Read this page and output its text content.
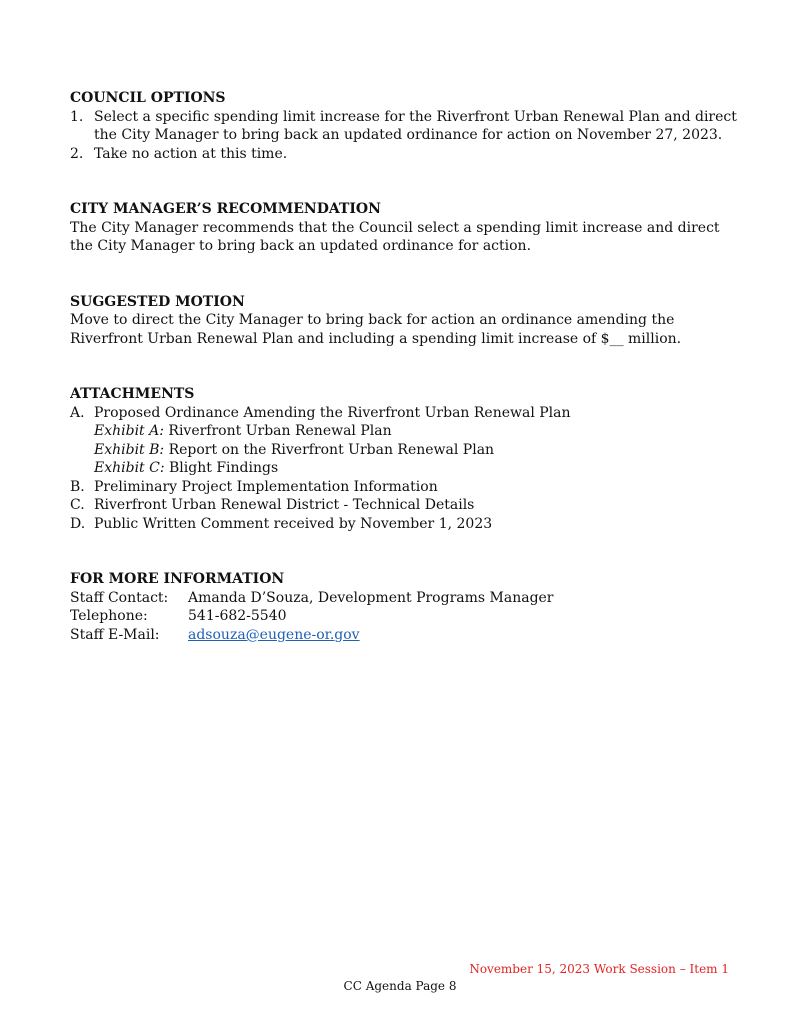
COUNCIL OPTIONS
1. Select a specific spending limit increase for the Riverfront Urban Renewal Plan and direct the City Manager to bring back an updated ordinance for action on November 27, 2023.
2. Take no action at this time.
CITY MANAGER’S RECOMMENDATION
The City Manager recommends that the Council select a spending limit increase and direct the City Manager to bring back an updated ordinance for action.
SUGGESTED MOTION
Move to direct the City Manager to bring back for action an ordinance amending the Riverfront Urban Renewal Plan and including a spending limit increase of $__ million.
ATTACHMENTS
A. Proposed Ordinance Amending the Riverfront Urban Renewal Plan
Exhibit A: Riverfront Urban Renewal Plan
Exhibit B: Report on the Riverfront Urban Renewal Plan
Exhibit C: Blight Findings
B. Preliminary Project Implementation Information
C. Riverfront Urban Renewal District - Technical Details
D. Public Written Comment received by November 1, 2023
FOR MORE INFORMATION
Staff Contact:	Amanda D’Souza, Development Programs Manager
Telephone:	541-682-5540
Staff E-Mail:	adsouza@eugene-or.gov
November 15, 2023 Work Session – Item 1
CC Agenda Page 8
